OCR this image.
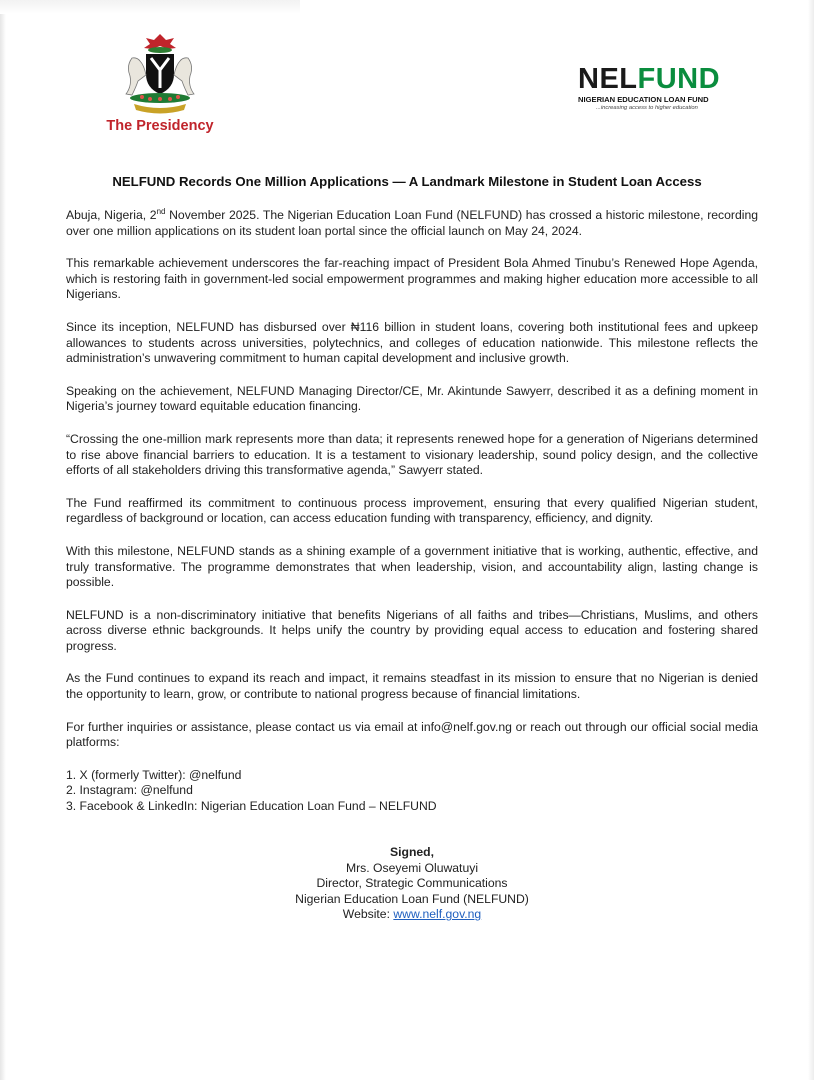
The Presidency
NELFUND
NIGERIAN EDUCATION LOAN FUND
...increasing access to higher education
NELFUND Records One Million Applications — A Landmark Milestone in Student Loan Access

Abuja, Nigeria, 2nd November 2025. The Nigerian Education Loan Fund (NELFUND) has crossed a historic milestone, recording over one million applications on its student loan portal since the official launch on May 24, 2024.

This remarkable achievement underscores the far-reaching impact of President Bola Ahmed Tinubu’s Renewed Hope Agenda, which is restoring faith in government-led social empowerment programmes and making higher education more accessible to all Nigerians.

Since its inception, NELFUND has disbursed over ₦116 billion in student loans, covering both institutional fees and upkeep allowances to students across universities, polytechnics, and colleges of education nationwide. This milestone reflects the administration’s unwavering commitment to human capital development and inclusive growth.

Speaking on the achievement, NELFUND Managing Director/CE, Mr. Akintunde Sawyerr, described it as a defining moment in Nigeria’s journey toward equitable education financing.

“Crossing the one-million mark represents more than data; it represents renewed hope for a generation of Nigerians determined to rise above financial barriers to education. It is a testament to visionary leadership, sound policy design, and the collective efforts of all stakeholders driving this transformative agenda,” Sawyerr stated.

The Fund reaffirmed its commitment to continuous process improvement, ensuring that every qualified Nigerian student, regardless of background or location, can access education funding with transparency, efficiency, and dignity.

With this milestone, NELFUND stands as a shining example of a government initiative that is working, authentic, effective, and truly transformative. The programme demonstrates that when leadership, vision, and accountability align, lasting change is possible.

NELFUND is a non-discriminatory initiative that benefits Nigerians of all faiths and tribes—Christians, Muslims, and others across diverse ethnic backgrounds. It helps unify the country by providing equal access to education and fostering shared progress.

As the Fund continues to expand its reach and impact, it remains steadfast in its mission to ensure that no Nigerian is denied the opportunity to learn, grow, or contribute to national progress because of financial limitations.

For further inquiries or assistance, please contact us via email at info@nelf.gov.ng or reach out through our official social media platforms:

1. X (formerly Twitter): @nelfund
2. Instagram: @nelfund
3. Facebook & LinkedIn: Nigerian Education Loan Fund – NELFUND
Signed,
Mrs. Oseyemi Oluwatuyi
Director, Strategic Communications
Nigerian Education Loan Fund (NELFUND)
Website: www.nelf.gov.ng
